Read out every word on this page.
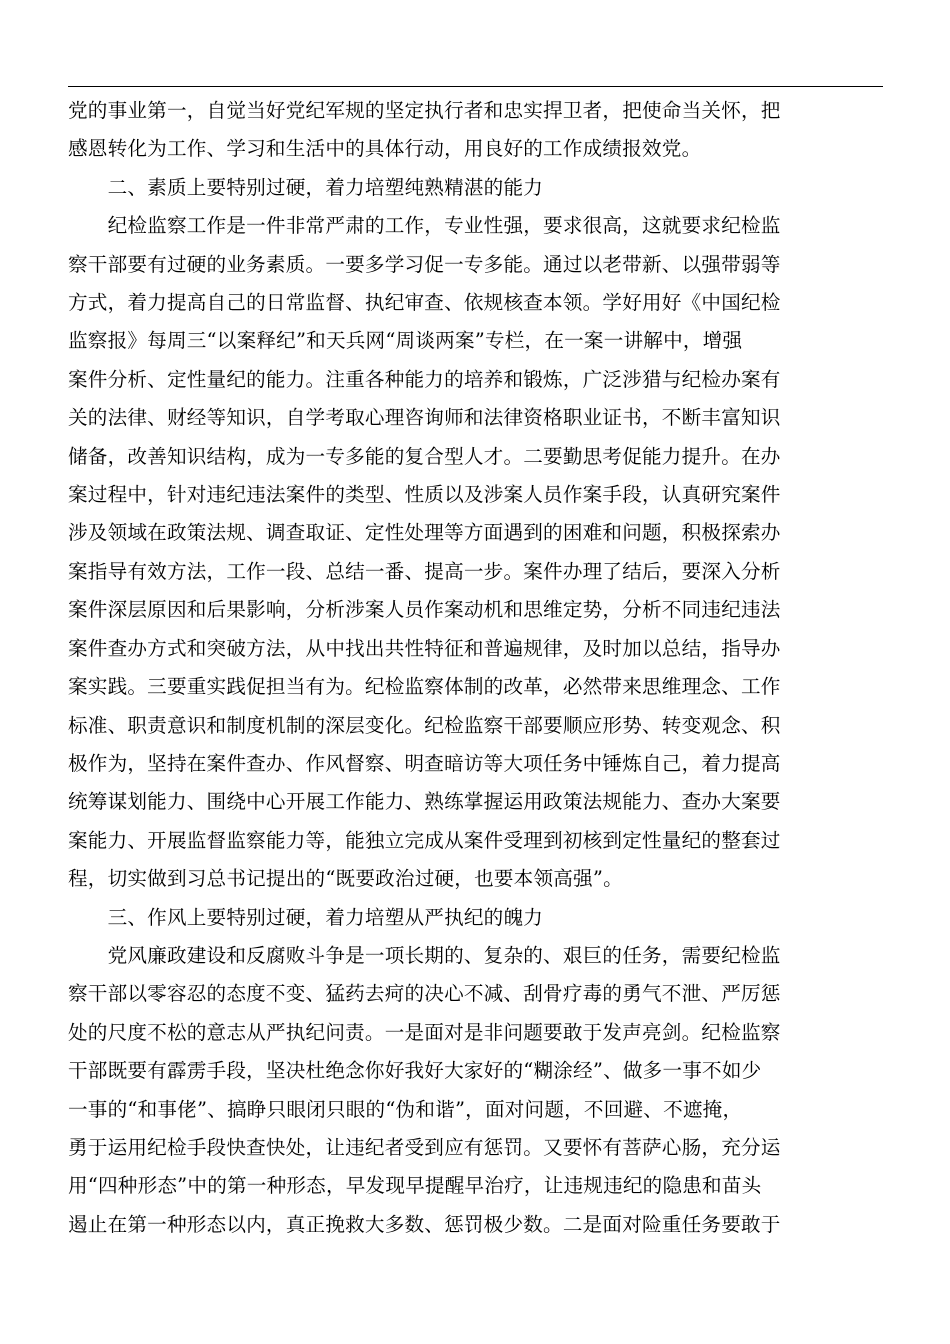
党的事业第一，自觉当好党纪军规的坚定执行者和忠实捍卫者，把使命当关怀，把
感恩转化为工作、学习和生活中的具体行动，用良好的工作成绩报效党。
　　二、素质上要特别过硬，着力培塑纯熟精湛的能力
　　纪检监察工作是一件非常严肃的工作，专业性强，要求很高，这就要求纪检监
察干部要有过硬的业务素质。一要多学习促一专多能。通过以老带新、以强带弱等
方式，着力提高自己的日常监督、执纪审查、依规核查本领。学好用好《中国纪检
监察报》每周三“以案释纪”和天兵网“周谈两案”专栏，在一案一讲解中，增强
案件分析、定性量纪的能力。注重各种能力的培养和锻炼，广泛涉猎与纪检办案有
关的法律、财经等知识，自学考取心理咨询师和法律资格职业证书，不断丰富知识
储备，改善知识结构，成为一专多能的复合型人才。二要勤思考促能力提升。在办
案过程中，针对违纪违法案件的类型、性质以及涉案人员作案手段，认真研究案件
涉及领域在政策法规、调查取证、定性处理等方面遇到的困难和问题，积极探索办
案指导有效方法，工作一段、总结一番、提高一步。案件办理了结后，要深入分析
案件深层原因和后果影响，分析涉案人员作案动机和思维定势，分析不同违纪违法
案件查办方式和突破方法，从中找出共性特征和普遍规律，及时加以总结，指导办
案实践。三要重实践促担当有为。纪检监察体制的改革，必然带来思维理念、工作
标准、职责意识和制度机制的深层变化。纪检监察干部要顺应形势、转变观念、积
极作为，坚持在案件查办、作风督察、明查暗访等大项任务中锤炼自己，着力提高
统筹谋划能力、围绕中心开展工作能力、熟练掌握运用政策法规能力、查办大案要
案能力、开展监督监察能力等，能独立完成从案件受理到初核到定性量纪的整套过
程，切实做到习总书记提出的“既要政治过硬，也要本领高强”。
　　三、作风上要特别过硬，着力培塑从严执纪的魄力
　　党风廉政建设和反腐败斗争是一项长期的、复杂的、艰巨的任务，需要纪检监
察干部以零容忍的态度不变、猛药去疴的决心不减、刮骨疗毒的勇气不泄、严厉惩
处的尺度不松的意志从严执纪问责。一是面对是非问题要敢于发声亮剑。纪检监察
干部既要有霹雳手段，坚决杜绝念你好我好大家好的“糊涂经”、做多一事不如少
一事的“和事佬”、搞睁只眼闭只眼的“伪和谐”，面对问题，不回避、不遮掩，
勇于运用纪检手段快查快处，让违纪者受到应有惩罚。又要怀有菩萨心肠，充分运
用“四种形态”中的第一种形态，早发现早提醒早治疗，让违规违纪的隐患和苗头
遏止在第一种形态以内，真正挽救大多数、惩罚极少数。二是面对险重任务要敢于
